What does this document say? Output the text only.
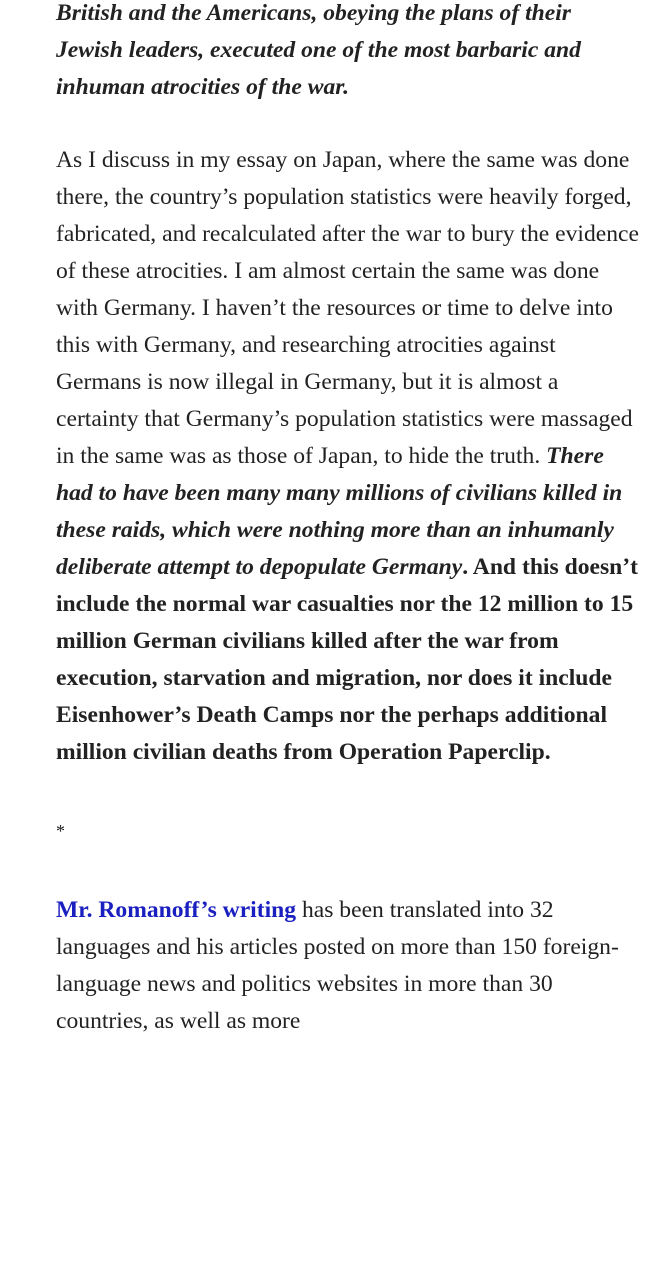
British and the Americans, obeying the plans of their Jewish leaders, executed one of the most barbaric and inhuman atrocities of the war.

As I discuss in my essay on Japan, where the same was done there, the country’s population statistics were heavily forged, fabricated, and recalculated after the war to bury the evidence of these atrocities. I am almost certain the same was done with Germany. I haven’t the resources or time to delve into this with Germany, and researching atrocities against Germans is now illegal in Germany, but it is almost a certainty that Germany’s population statistics were massaged in the same was as those of Japan, to hide the truth. There had to have been many many millions of civilians killed in these raids, which were nothing more than an inhumanly deliberate attempt to depopulate Germany. And this doesn’t include the normal war casualties nor the 12 million to 15 million German civilians killed after the war from execution, starvation and migration, nor does it include Eisenhower’s Death Camps nor the perhaps additional million civilian deaths from Operation Paperclip.

*

Mr. Romanoff’s writing has been translated into 32 languages and his articles posted on more than 150 foreign-language news and politics websites in more than 30 countries, as well as more
